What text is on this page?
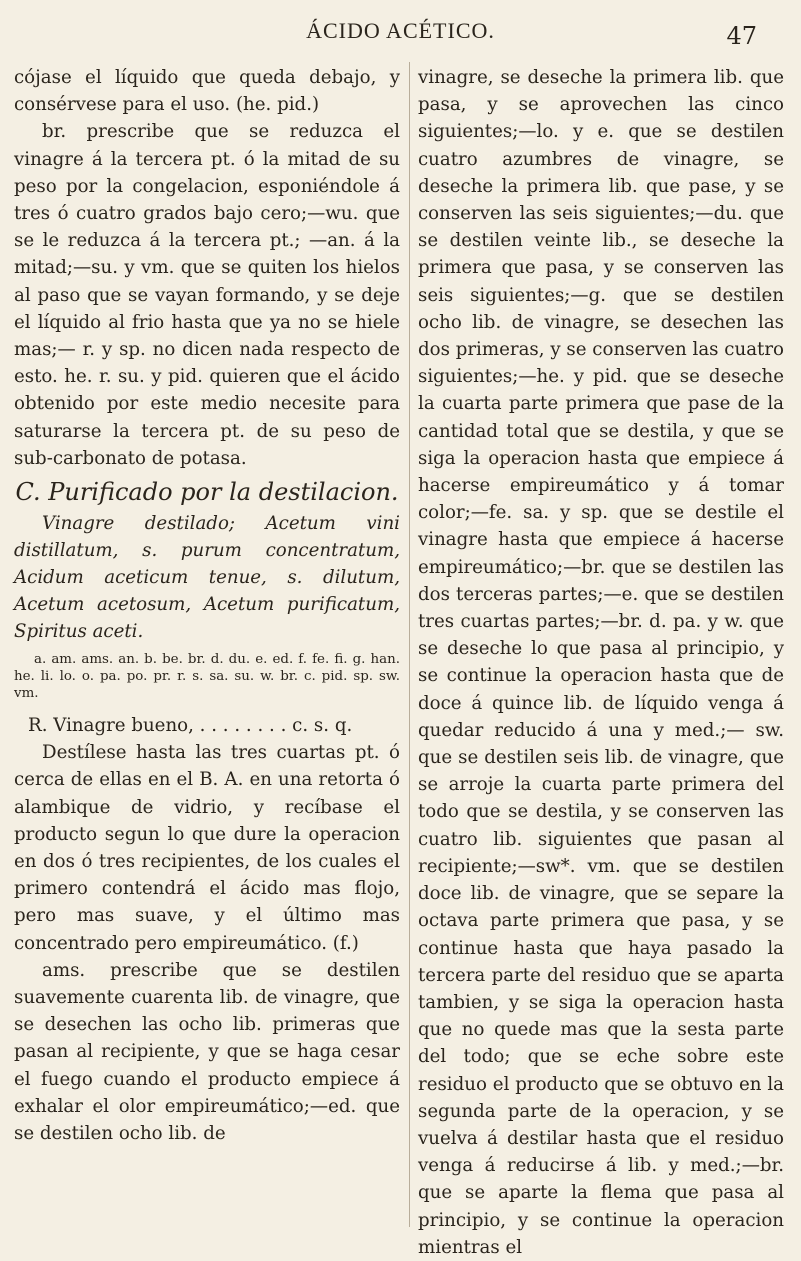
ÁCIDO ACÉTICO.	47

cójase el líquido que queda debajo, y consérvese para el uso. (he. pid.)

br. prescribe que se reduzca el vinagre á la tercera pt. ó la mitad de su peso por la congelacion, esponiéndole á tres ó cuatro grados bajo cero;—wu. que se le reduzca á la tercera pt.; —an. á la mitad;—su. y vm. que se quiten los hielos al paso que se vayan formando, y se deje el líquido al frio hasta que ya no se hiele mas;— r. y sp. no dicen nada respecto de esto. he. r. su. y pid. quieren que el ácido obtenido por este medio necesite para saturarse la tercera pt. de su peso de sub-carbonato de potasa.

C. Purificado por la destilacion.

Vinagre destilado; Acetum vini distillatum, s. purum concentratum, Acidum aceticum tenue, s. dilutum, Acetum acetosum, Acetum purificatum, Spiritus aceti.

a. am. ams. an. b. be. br. d. du. e. ed. f. fe. fi. g. han. he. li. lo. o. pa. po. pr. r. s. sa. su. w. br. c. pid. sp. sw. vm.

R. Vinagre bueno, . . . . . . . . c. s. q.

Destílese hasta las tres cuartas pt. ó cerca de ellas en el B. A. en una retorta ó alambique de vidrio, y recíbase el producto segun lo que dure la operacion en dos ó tres recipientes, de los cuales el primero contendrá el ácido mas flojo, pero mas suave, y el último mas concentrado pero empireumático. (f.)

ams. prescribe que se destilen suavemente cuarenta lib. de vinagre, que se desechen las ocho lib. primeras que pasan al recipiente, y que se haga cesar el fuego cuando el producto empiece á exhalar el olor empireumático;—ed. que se destilen ocho lib. de

vinagre, se deseche la primera lib. que pasa, y se aprovechen las cinco siguientes;—lo. y e. que se destilen cuatro azumbres de vinagre, se deseche la primera lib. que pase, y se conserven las seis siguientes;—du. que se destilen veinte lib., se deseche la primera que pasa, y se conserven las seis siguientes;—g. que se destilen ocho lib. de vinagre, se desechen las dos primeras, y se conserven las cuatro siguientes;—he. y pid. que se deseche la cuarta parte primera que pase de la cantidad total que se destila, y que se siga la operacion hasta que empiece á hacerse empireumático y á tomar color;—fe. sa. y sp. que se destile el vinagre hasta que empiece á hacerse empireumático;—br. que se destilen las dos terceras partes;—e. que se destilen tres cuartas partes;—br. d. pa. y w. que se deseche lo que pasa al principio, y se continue la operacion hasta que de doce á quince lib. de líquido venga á quedar reducido á una y med.;— sw. que se destilen seis lib. de vinagre, que se arroje la cuarta parte primera del todo que se destila, y se conserven las cuatro lib. siguientes que pasan al recipiente;—sw*. vm. que se destilen doce lib. de vinagre, que se separe la octava parte primera que pasa, y se continue hasta que haya pasado la tercera parte del residuo que se aparta tambien, y se siga la operacion hasta que no quede mas que la sesta parte del todo; que se eche sobre este residuo el producto que se obtuvo en la segunda parte de la operacion, y se vuelva á destilar hasta que el residuo venga á reducirse á lib. y med.;—br. que se aparte la flema que pasa al principio, y se continue la operacion mientras el
